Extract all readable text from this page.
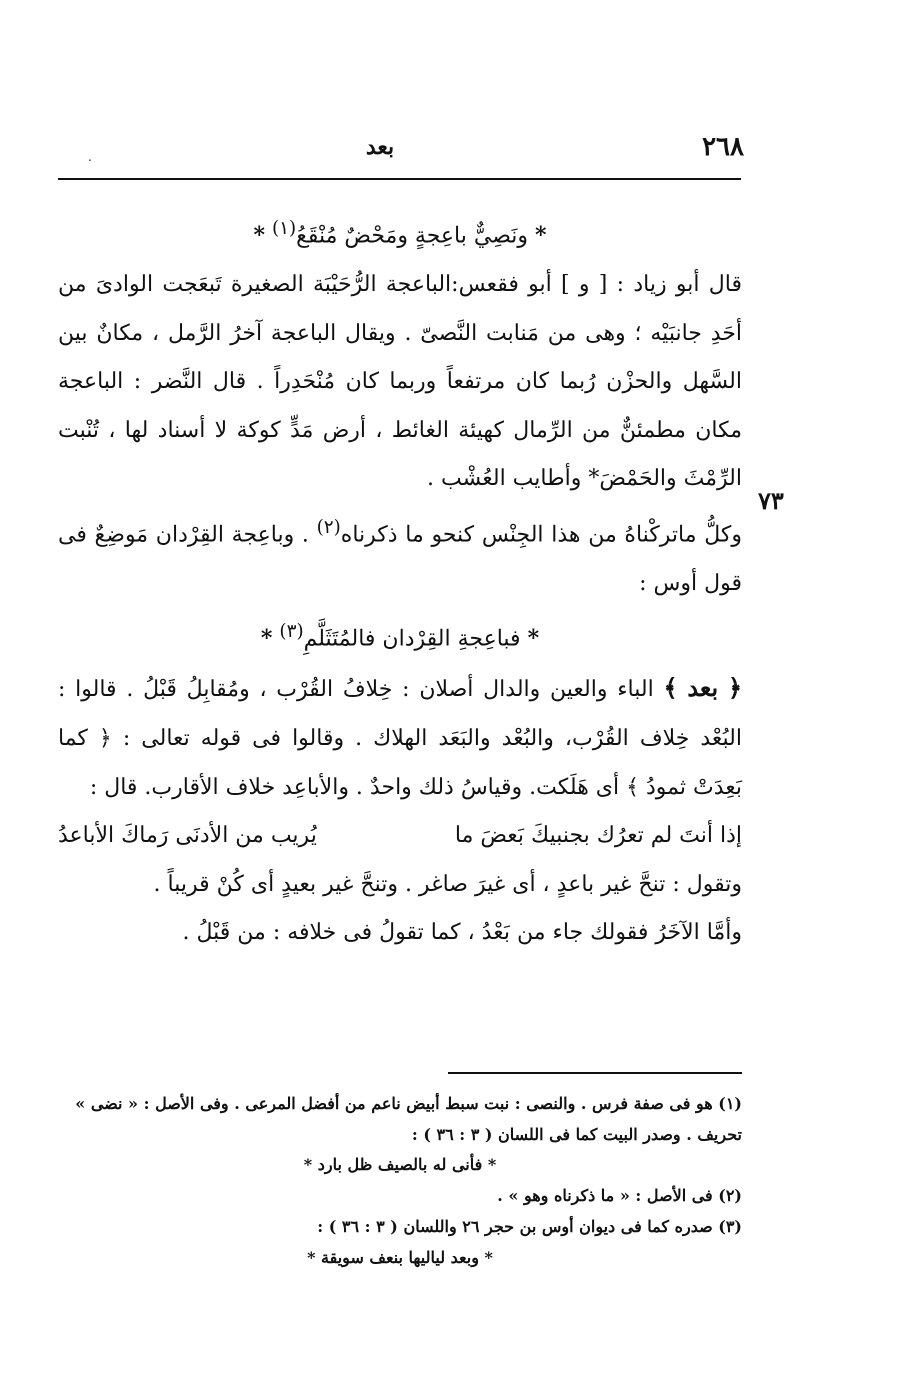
٢٦٨
بعد
.
٧٣

* ونَصِيٌّ باعِجةٍ ومَحْضٌ مُنْقَعُ$^{(١)}$ *

قال أبو زياد : [ و ] أبو فقعس:الباعجة الرُّحَيْبَة الصغيرة تَبعَجت الوادىَ من أحَدِ جانبَيْه ؛ وهى من مَنابت النَّصىّ . ويقال الباعجة آخرُ الرَّمل ، مكانٌ بين السَّهل والحزْن رُبما كان مرتفعاً وربما كان مُنْحَدِراً . قال النَّضر : الباعجة مكان مطمئنٌّ من الرِّمال كهيئة الغائط ، أرض مَدٍّ كوكة لا أسناد لها ، تُنْبت الرِّمْثَ والحَمْضَ* وأطايب العُشْب .

وكلُّ ماتركْناهُ من هذا الجِنْس كنحو ما ذكرناه$^{(٢)}$ . وباعِجة القِرْدان مَوضِعٌ فى قول أوس :

* فباعِجةِ القِرْدان فالمُتَثَلَّمِ$^{(٣)}$ *

﴿ بعد ﴾ الباء والعين والدال أصلان : خِلافُ القُرْب ، ومُقابِلُ قَبْلُ . قالوا : البُعْد خِلاف القُرْب، والبُعْد والبَعَد الهلاك . وقالوا فى قوله تعالى : ﴿ كما بَعِدَتْ ثمودُ ﴾ أى هَلَكت. وقياسُ ذلك واحدٌ . والأباعِد خلاف الأقارب. قال :

إذا أنتَ لم تعرُك بجنبيكَ بَعضَ ما
يُريب من الأدنَى رَماكَ الأباعدُ

وتقول : تنحَّ غير باعدٍ ، أى غيرَ صاغر . وتنحَّ غير بعيدٍ أى كُنْ قريباً .

وأمَّا الآخَرُ فقولك جاء من بَعْدُ ، كما تقولُ فى خلافه : من قَبْلُ .

(١) هو فى صفة فرس . والنصى : نبت سبط أبيض ناعم من أفضل المرعى . وفى الأصل : « نضى » تحريف . وصدر البيت كما فى اللسان ( ٣ : ٣٦ ) :

* فأنى له بالصيف ظل بارد *

(٢) فى الأصل : « ما ذكرناه وهو » .

(٣) صدره كما فى ديوان أوس بن حجر ٢٦ واللسان ( ٣ : ٣٦ ) :

* وبعد لياليها بنعف سويقة *
